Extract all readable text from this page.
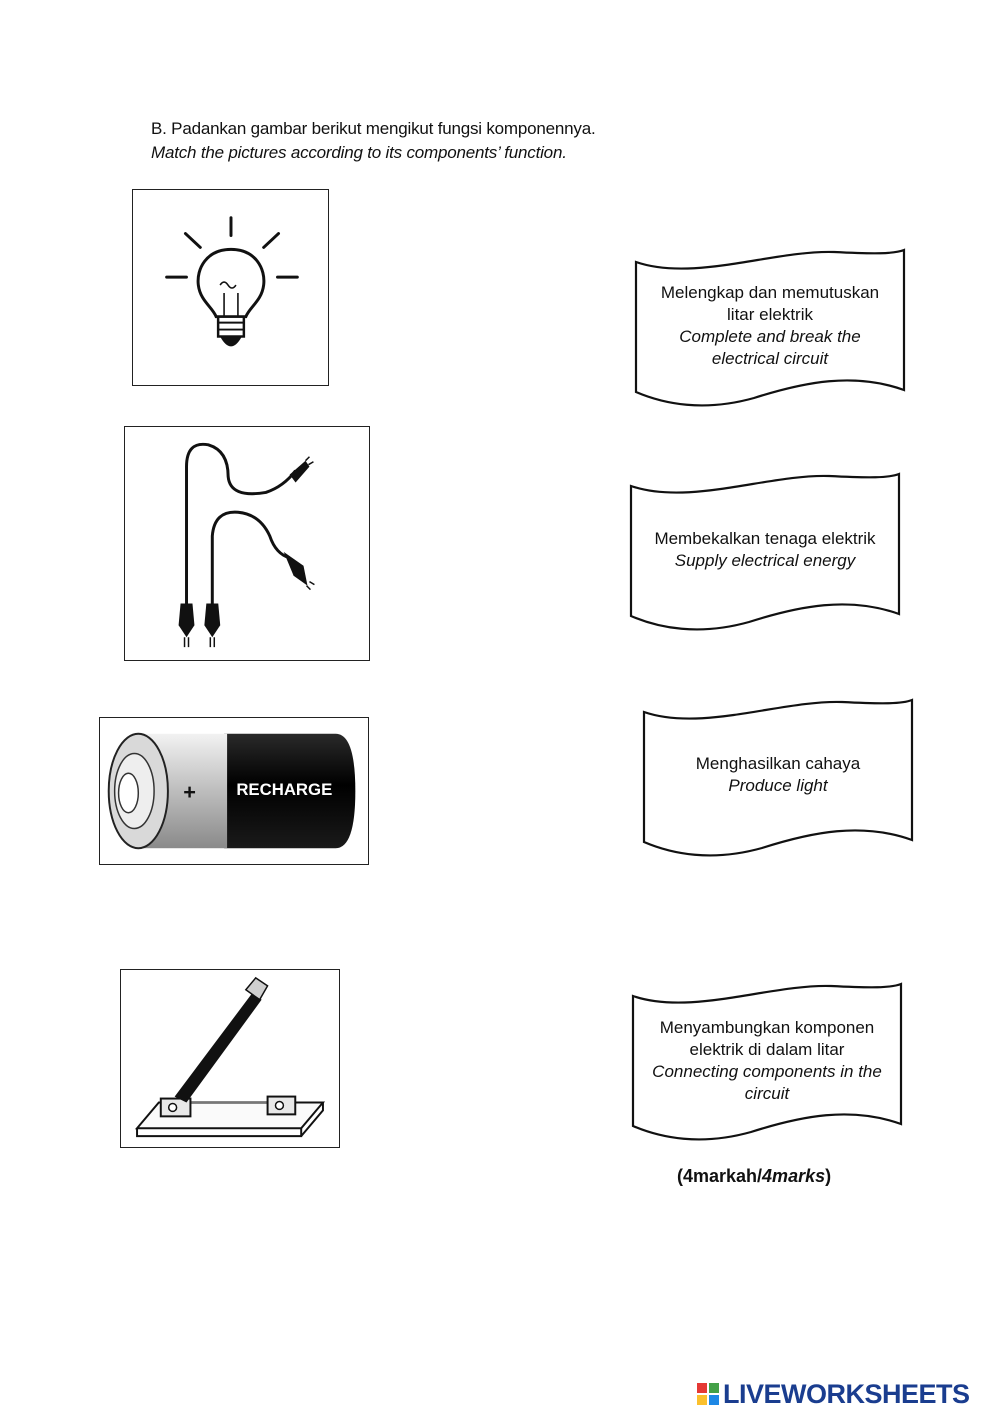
B. Padankan gambar berikut mengikut fungsi komponennya.
Match the pictures according to its components’ function.
+ RECHARGE
Melengkap dan memutuskan
litar elektrik
Complete and break the
electrical circuit
Membekalkan tenaga elektrik
Supply electrical energy
Menghasilkan cahaya
Produce light
Menyambungkan komponen
elektrik di dalam litar
Connecting components in the
circuit
(4markah/4marks)
LIVEWORKSHEETS
